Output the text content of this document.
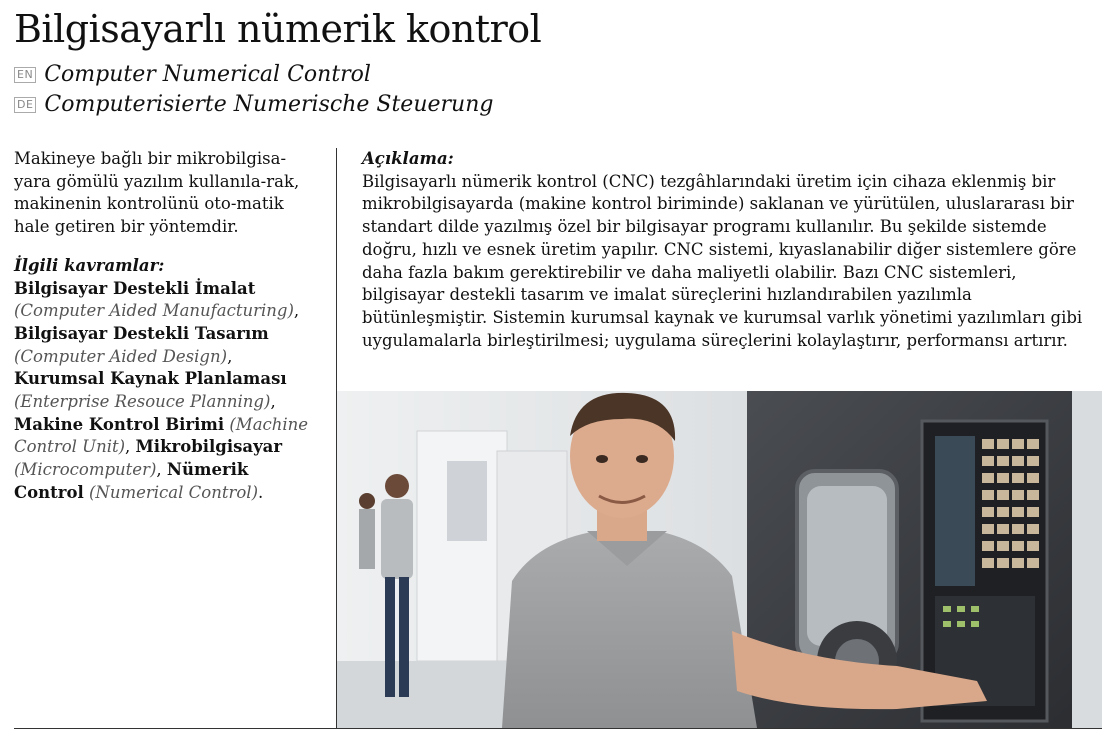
Bilgisayarlı nümerik kontrol
EN Computer Numerical Control
DE Computerisierte Numerische Steuerung

Makineye bağlı bir mikrobilgisa-yara gömülü yazılım kullanıla-rak, makinenin kontrolünü oto-matik hale getiren bir yöntemdir.

İlgili kavramlar:

Bilgisayar Destekli İmalat (Computer Aided Manufacturing), Bilgisayar Destekli Tasarım (Computer Aided Design), Kurumsal Kaynak Planlaması (Enterprise Resouce Planning), Makine Kontrol Birimi (Machine Control Unit), Mikrobilgisayar (Microcomputer), Nümerik Control (Numerical Control).

Açıklama:

Bilgisayarlı nümerik kontrol (CNC) tezgâhlarındaki üretim için cihaza eklenmiş bir mikrobilgisayarda (makine kontrol biriminde) saklanan ve yürütülen, uluslararası bir standart dilde yazılmış özel bir bilgisayar programı kullanılır. Bu şekilde sistemde doğru, hızlı ve esnek üretim yapılır. CNC sistemi, kıyaslanabilir diğer sistemlere göre daha fazla bakım gerektirebilir ve daha maliyetli olabilir. Bazı CNC sistemleri, bilgisayar destekli tasarım ve imalat süreçlerini hızlandırabilen yazılımla bütünleşmiştir. Sistemin kurumsal kaynak ve kurumsal varlık yönetimi yazılımları gibi uygulamalarla birleştirilmesi; uygulama süreçlerini kolaylaştırır, performansı artırır.
